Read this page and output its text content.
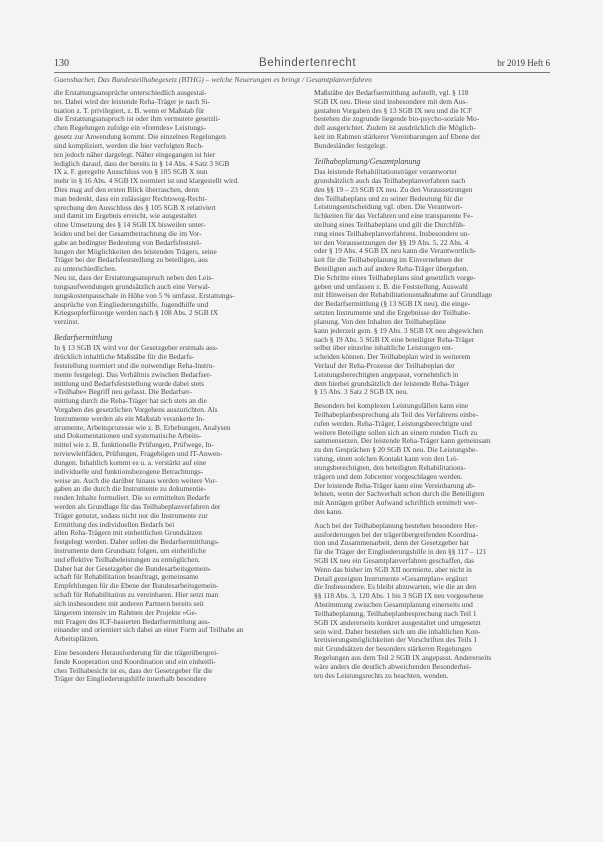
130	Behindertenrecht	br 2019 Heft 6
Gaensbacher, Das Bundesteilhabegesetz (BTHG) – welche Neuerungen es bringt / Gesamtplanverfahren
die Erstattungsansprüche unterschiedlich ausgestal-
tet. Dabei wird der leistende Reha-Träger je nach Si-
tuation z. T. privilegiert, z. B. wenn er Maßstab für
die Erstattungsanspruch ist oder ihm vermutete gesetzli-
chen Regelungen zufolge ein »fremdes« Leistungs-
gesetz zur Anwendung kommt. Die einzelnen Regelungen
sind kompliziert, werden die hier verfolgten Rech-
ten jedoch näher dargelegt. Näher eingegangen ist hier
lediglich darauf, dass der bereits in § 14 Abs. 4 Satz 3 SGB
IX a. F. geregelte Ausschluss von § 105 SGB X nun
mehr in § 16 Abs. 4 SGB IX normiert ist und klargestellt wird.
Dies mag auf den ersten Blick überraschen, denn
man bedenkt, dass ein zulässiger Rechtsweg-Recht-
sprechung den Ausschluss des § 105 SGB X relativiert
und damit im Ergebnis erreicht, wie ausgestaltet
ohne Umsetzung des § 14 SGB IX bisweilen unter-
leiden und bei der Gesamtbetrachtung die im Vor-
gabe an bedingter Bedeutung von Bedarfsfeststel-
lungen der Möglichkeiten des leistenden Trägers, seine
Träger bei der Bedarfsfeststellung zu beteiligen, aus
zu unterschiedlichen.
Neu ist, dass der Erstattungsanspruch neben den Leis-
tungsaufwendungen grundsätzlich auch eine Verwal-
tungskostenpauschale in Höhe von 5 % umfasst. Erstattungs-
ansprüche von Eingliederungshilfe, Jugendhilfe und
Kriegsopferfürsorge werden nach § 108 Abs. 2 SGB IX
verzinst.
Bedarfsermittlung
In § 13 SGB IX wird vor der Gesetzgeber erstmals aus-
drücklich inhaltliche Maßstäbe für die Bedarfs-
feststellung normiert und die notwendige Reha-Instru-
mente festgelegt. Das Verhältnis zwischen Bedarfser-
mittlung und Bedarfsfeststellung wurde dabei stets
»Teilhabe« Begriff neu gefasst. Die Bedarfser-
mittlung durch die Reha-Träger hat sich stets an die
Vorgaben des gesetzlichen Vorgehens auszurichten. Als
Instrumente werden als ein Maßstab verankerte In-
strumente, Arbeitsprozesse wie z. B. Erhebungen, Analysen
und Dokumentationen und systematische Arbeits-
mittel wie z. B. funktionelle Prüfungen, Prüfwege, In-
terviewleitfäden, Prüfungen, Fragebögen und IT-Anwen-
dungen. Inhaltlich kommt es u. a. verstärkt auf eine
individuelle und funktionsbezogene Betrachtungs-
weise an. Auch die darüber hinaus werden weitere Vor-
gaben an die durch die Instrumente zu dokumentie-
renden Inhalte formuliert. Die so ermittelten Bedarfe
werden als Grundlage für das Teilhabeplanverfahren der
Träger genutzt, sodass nicht nur die Instrumente zur
Ermittlung des individuellen Bedarfs bei
allen Reha-Trägern mit einheitlichen Grundsätzen
festgelegt werden. Daher sollen die Bedarfsermittlungs-
instrumente dem Grundsatz folgen, um einheitliche
und effektive Teilhabeleistungen zu ermöglichen.
Daher hat der Gesetzgeber die Bundesarbeitsgemein-
schaft für Rehabilitation beauftragt, gemeinsame
Empfehlungen für die Ebene der Bundesarbeitsgemein-
schaft für Rehabilitation zu vereinbaren. Hier setzt man
sich insbesondere mit anderen Partnern bereits seit
längerem intensiv im Rahmen der Projekte »Ge-
mit Fragen des ICF-basierten Bedarfsermittlung aus-
einander und orientiert sich dabei an einer Form auf Teilhabe an
Arbeitsplätzen.
Eine besondere Herausforderung für die trägerübergrei-
fende Kooperation und Koordination und ein einheitli-
ches Teilhabesicht ist es, dass der Gesetzgeber für die
Träger der Eingliederungshilfe innerhalb besondere
Maßstäbe der Bedarfsermittlung aufstellt, vgl. § 118
SGB IX neu. Diese sind insbesondere mit dem Aus-
gestalten Vorgaben des § 13 SGB IX neu und die ICF
bestehen die zugrunde liegende bio-psycho-soziale Mo-
dell ausgerichtet. Zudem ist ausdrücklich die Möglich-
keit im Rahmen stärkerer Vereinbarungen auf Ebene der
Bundesländer festgelegt.
Teilhabeplanung/Gesamtplanung
Das leistende Rehabilitationsträger verantwortet
grundsätzlich auch das Teilhabeplanverfahren nach
den §§ 19 – 23 SGB IX neu. Zu den Voraussetzungen
des Teilhabeplans und zu seiner Bedeutung für die
Leistungsentscheidung vgl. oben. Die Verantwort-
lichkeiten für das Verfahren und eine transparente Fe-
stellung eines Teilhabeplans und gilt die Durchfüh-
rung eines Teilhabeplanverfahrens. Insbesondere un-
ter den Voraussetzungen der §§ 19 Abs. 5, 22 Abs. 4
oder § 19 Abs. 4 SGB IX neu kann die Verantwortlich-
keit für die Teilhabeplanung im Einvernehmen der
Beteiligten auch auf andere Reha-Träger übergehen.
Die Schritte eines Teilhabeplans sind gesetzlich vorge-
geben und umfassen z. B. die Feststellung, Auswahl
mit Hinweisen der Rehabilitationsmaßnahme auf Grundlage
der Bedarfsermittlung (§ 13 SGB IX neu), die einge-
setzten Instrumente und die Ergebnisse der Teilhabe-
planung. Von den Inhalten der Teilhabepläne
kann jederzeit gem. § 19 Abs. 3 SGB IX neu abgewichen
nach § 19 Abs. 5 SGB IX eine beteiligter Reha-Träger
selbst über einzelne inhaltliche Leistungen ent-
scheiden können. Der Teilhabeplan wird in weiterem
Verlauf der Reha-Prozesse der Teilhabeplan der
Leistungsberechtigten angepasst, vornehmlich in
dem hierbei grundsätzlich der leistende Reha-Träger
§ 15 Abs. 3 Satz 2 SGB IX neu.
Besonders bei komplexen Leistungsfällen kann eine
Teilhabeplanbesprechung als Teil des Verfahrens einbe-
rufen werden. Reha-Träger, Leistungsberechtigte und
weitere Beteiligte sollen sich an einem runden Tisch zu
sammensetzen. Der leistende Reha-Träger kann gemeinsam
zu den Gesprächen § 20 SGB IX neu. Die Leistungsbe-
ratung, einen solchen Kontakt kann von den Lei-
stungsberechtigten, den beteiligten Rehabilitations-
trägern und dem Jobcenter vorgeschlagen werden.
Der leistende Reha-Träger kann eine Vereinbarung ab-
lehnen, wenn der Sachverhalt schon durch die Beteiligten
mit Anträgen gröber Aufwand schriftlich ermittelt wer-
den kann.
Auch bei der Teilhabeplanung bestehen besondere Her-
ausforderungen bei der trägerübergreifenden Koordina-
tion und Zusammenarbeit, denn der Gesetzgeber hat
für die Träger der Eingliederungshilfe in den §§ 117 – 121
SGB IX neu ein Gesamtplanverfahren geschaffen, das
Wenn das bisher im SGB XII normierte, aber nicht in
Detail gezeigten Instrumente »Gesamtplan« ergänzt
die Insbesondere. Es bleibt abzuwarten, wie die an den
§§ 118 Abs. 3, 120 Abs. 1 bis 3 SGB IX neu vorgesehene
Abstimmung zwischen Gesamtplanung einerseits und
Teilhabeplanung, Teilhabeplanbesprechung nach Teil 1
SGB IX andererseits konkret ausgestaltet und umgesetzt
sein wird. Daher bestehen sich um die inhaltlichen Kon-
kretisierungsmöglichkeiten der Vorschriften des Teils 1
mit Grundsätzen der besonders stärkeren Regelungen
Regelungen aus dem Teil 2 SGB IX angepasst. Andererseits
wäre anders die deutlich abweichenden Besonderhei-
ten des Leistungsrechts zu beachten, wenden.
